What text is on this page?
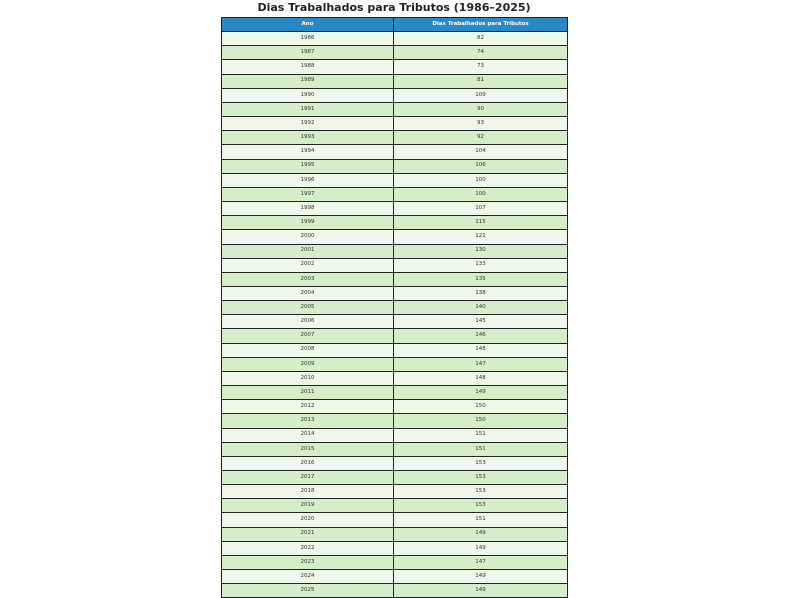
Dias Trabalhados para Tributos (1986–2025)
Ano	Dias Trabalhados para Tributos
1986	82
1987	74
1988	73
1989	81
1990	109
1991	90
1992	93
1993	92
1994	104
1995	106
1996	100
1997	100
1998	107
1999	115
2000	121
2001	130
2002	133
2003	135
2004	138
2005	140
2006	145
2007	146
2008	148
2009	147
2010	148
2011	149
2012	150
2013	150
2014	151
2015	151
2016	153
2017	153
2018	153
2019	153
2020	151
2021	149
2022	149
2023	147
2024	149
2025	149
